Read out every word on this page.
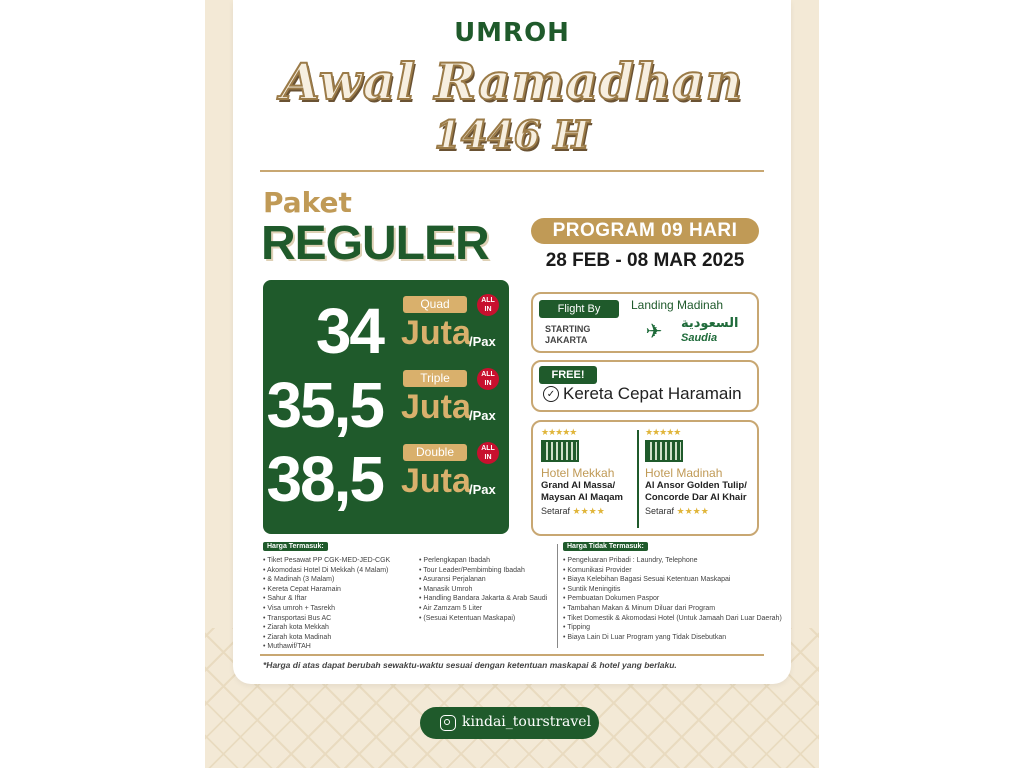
UMROH
Awal Ramadhan
1446 H
Paket
REGULER
34	Quad	ALL IN
Juta
/Pax
35,5	Triple	ALL IN
Juta
/Pax
38,5	Double	ALL IN
Juta
/Pax
PROGRAM 09 HARI
28 FEB - 08 MAR 2025
Flight By
STARTING
JAKARTA
Landing Madinah
✈	السعودية
Saudia
FREE!
✓ Kereta Cepat Haramain
★★★★★
Hotel Mekkah
Grand Al Massa/
Maysan Al Maqam
Setaraf ★★★★
★★★★★
Hotel Madinah
Al Ansor Golden Tulip/
Concorde Dar Al Khair
Setaraf ★★★★
Harga Termasuk:
• Tiket Pesawat PP CGK-MED-JED-CGK
• Akomodasi Hotel Di Mekkah (4 Malam)
• & Madinah (3 Malam)
• Kereta Cepat Haramain
• Sahur & Iftar
• Visa umroh + Tasrekh
• Transportasi Bus AC
• Ziarah kota Mekkah
• Ziarah kota Madinah
• Muthawif/TAH
• Perlengkapan Ibadah
• Tour Leader/Pembimbing Ibadah
• Asuransi Perjalanan
• Manasik Umroh
• Handling Bandara Jakarta & Arab Saudi
• Air Zamzam 5 Liter
• (Sesuai Ketentuan Maskapai)
Harga Tidak Termasuk:
• Pengeluaran Pribadi : Laundry, Telephone
• Komunikasi Provider
• Biaya Kelebihan Bagasi Sesuai Ketentuan Maskapai
• Suntik Meningitis
• Pembuatan Dokumen Paspor
• Tambahan Makan & Minum Diluar dari Program
• Tiket Domestik & Akomodasi Hotel (Untuk Jamaah Dari Luar Daerah)
• Tipping
• Biaya Lain Di Luar Program yang Tidak Disebutkan
*Harga di atas dapat berubah sewaktu-waktu sesuai dengan ketentuan maskapai & hotel yang berlaku.
kindai_tourstravel
